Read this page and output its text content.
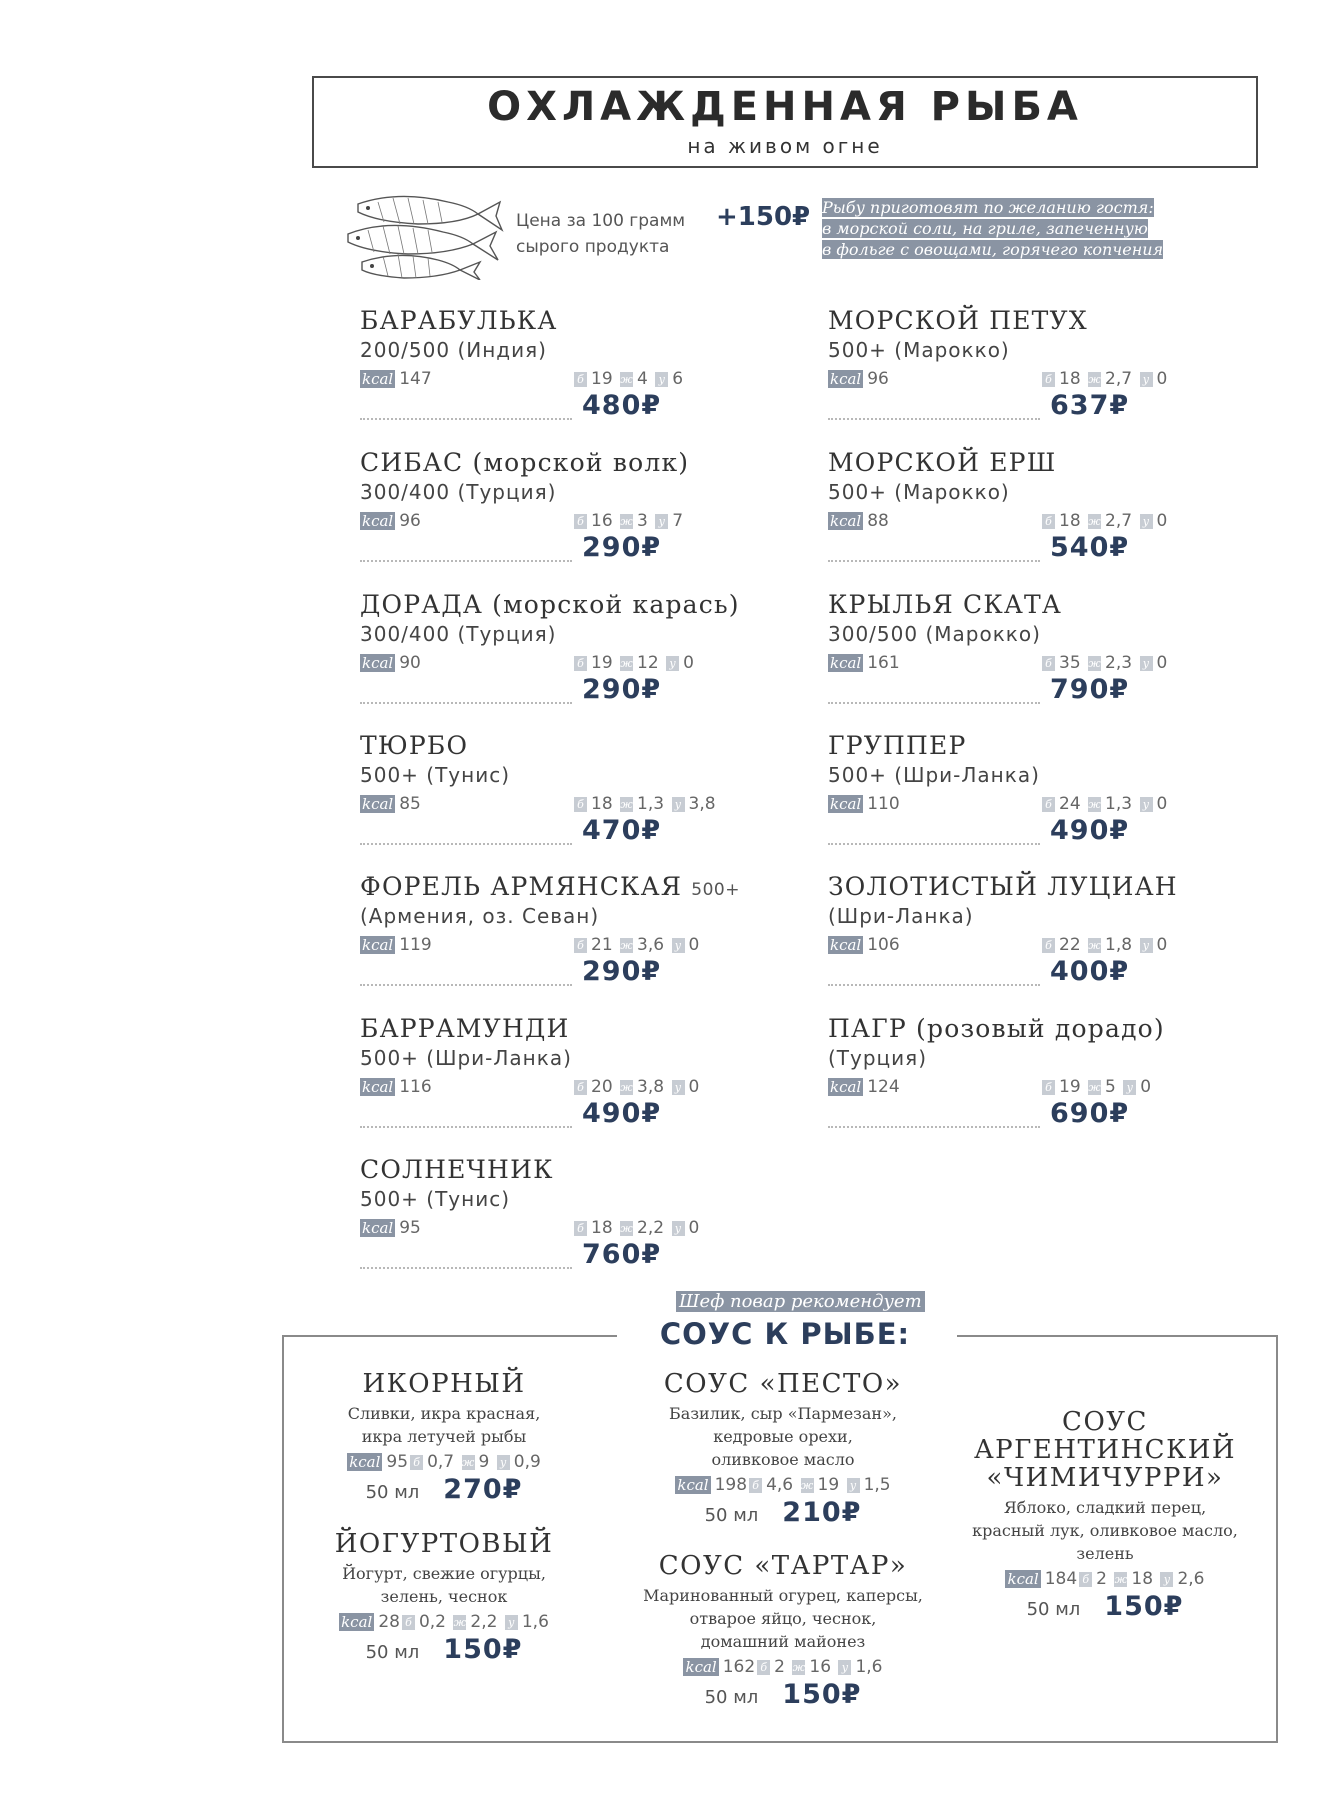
ОХЛАЖДЕННАЯ РЫБА
на живом огне
Цена за 100 грамм
сырого продукта
+150₽ Рыбу приготовят по желанию гостя:
в морской соли, на гриле, запеченную
в фольге с овощами, горячего копчения
БАРАБУЛЬКА
200/500 (Индия)
kcal 147	б 19 ж 4 у 6
480₽
МОРСКОЙ ПЕТУХ
500+ (Марокко)
kcal 96	б 18 ж 2,7 у 0
637₽
СИБАС (морской волк)
300/400 (Турция)
kcal 96	б 16 ж 3 у 7
290₽
МОРСКОЙ ЕРШ
500+ (Марокко)
kcal 88	б 18 ж 2,7 у 0
540₽
ДОРАДА (морской карась)
300/400 (Турция)
kcal 90	б 19 ж 12 у 0
290₽
КРЫЛЬЯ СКАТА
300/500 (Марокко)
kcal 161	б 35 ж 2,3 у 0
790₽
ТЮРБО
500+ (Тунис)
kcal 85	б 18 ж 1,3 у 3,8
470₽
ГРУППЕР
500+ (Шри-Ланка)
kcal 110	б 24 ж 1,3 у 0
490₽
ФОРЕЛЬ АРМЯНСКАЯ 500+
(Армения, оз. Севан)
kcal 119	б 21 ж 3,6 у 0
290₽
ЗОЛОТИСТЫЙ ЛУЦИАН
(Шри-Ланка)
kcal 106	б 22 ж 1,8 у 0
400₽
БАРРАМУНДИ
500+ (Шри-Ланка)
kcal 116	б 20 ж 3,8 у 0
490₽
ПАГР (розовый дорадо)
(Турция)
kcal 124	б 19 ж 5 у 0
690₽
СОЛНЕЧНИК
500+ (Тунис)
kcal 95	б 18 ж 2,2 у 0
760₽
Шеф повар рекомендует
СОУС К РЫБЕ:
ИКОРНЫЙ
Сливки, икра красная,
икра летучей рыбы
kcal 95 б 0,7 ж 9 у 0,9
50 мл 270₽
СОУС «ПЕСТО»
Базилик, сыр «Пармезан»,
кедровые орехи,
оливковое масло
kcal 198 б 4,6 ж 19 у 1,5
50 мл 210₽
СОУС
АРГЕНТИНСКИЙ
«ЧИМИЧУРРИ»
Яблоко, сладкий перец,
красный лук, оливковое масло,
зелень
kcal 184 б 2 ж 18 у 2,6
50 мл 150₽
ЙОГУРТОВЫЙ
Йогурт, свежие огурцы,
зелень, чеснок
kcal 28 б 0,2 ж 2,2 у 1,6
50 мл 150₽
СОУС «ТАРТАР»
Маринованный огурец, каперсы,
отварое яйцо, чеснок,
домашний майонез
kcal 162 б 2 ж 16 у 1,6
50 мл 150₽
